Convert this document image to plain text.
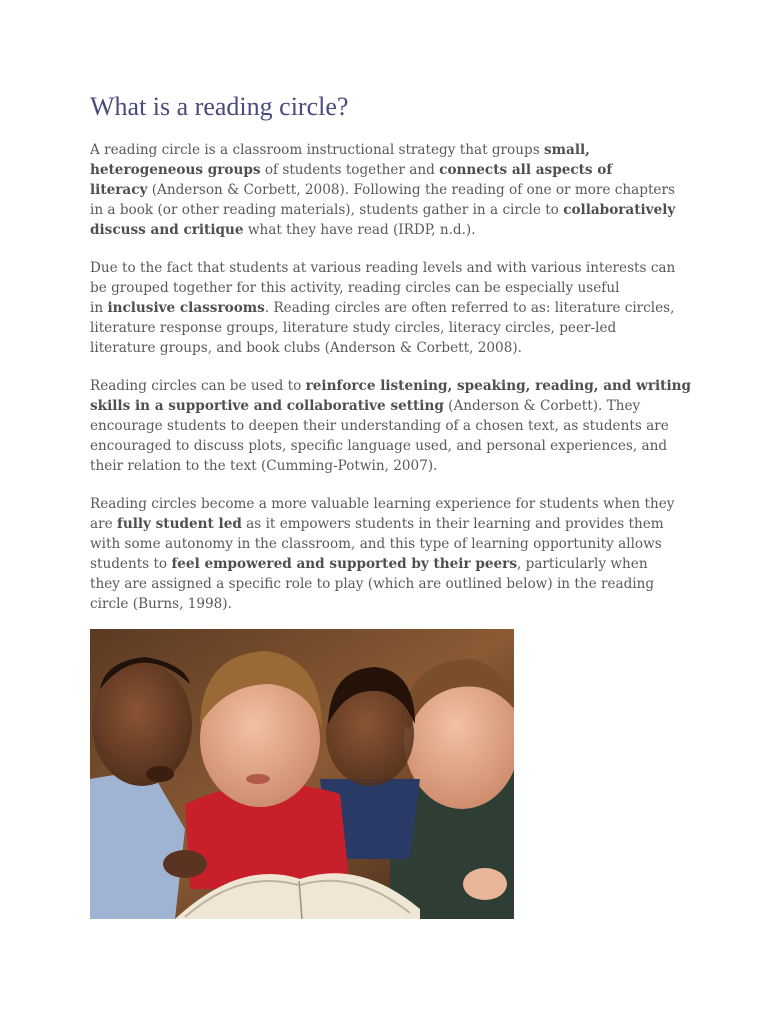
What is a reading circle?

A reading circle is a classroom instructional strategy that groups small,
heterogeneous groups of students together and connects all aspects of
literacy (Anderson & Corbett, 2008). Following the reading of one or more chapters
in a book (or other reading materials), students gather in a circle to collaboratively
discuss and critique what they have read (IRDP, n.d.).

Due to the fact that students at various reading levels and with various interests can
be grouped together for this activity, reading circles can be especially useful
in inclusive classrooms. Reading circles are often referred to as: literature circles,
literature response groups, literature study circles, literacy circles, peer-led
literature groups, and book clubs (Anderson & Corbett, 2008).

Reading circles can be used to reinforce listening, speaking, reading, and writing
skills in a supportive and collaborative setting (Anderson & Corbett). They
encourage students to deepen their understanding of a chosen text, as students are
encouraged to discuss plots, specific language used, and personal experiences, and
their relation to the text (Cumming-Potwin, 2007).

Reading circles become a more valuable learning experience for students when they
are fully student led as it empowers students in their learning and provides them
with some autonomy in the classroom, and this type of learning opportunity allows
students to feel empowered and supported by their peers, particularly when
they are assigned a specific role to play (which are outlined below) in the reading
circle (Burns, 1998).
